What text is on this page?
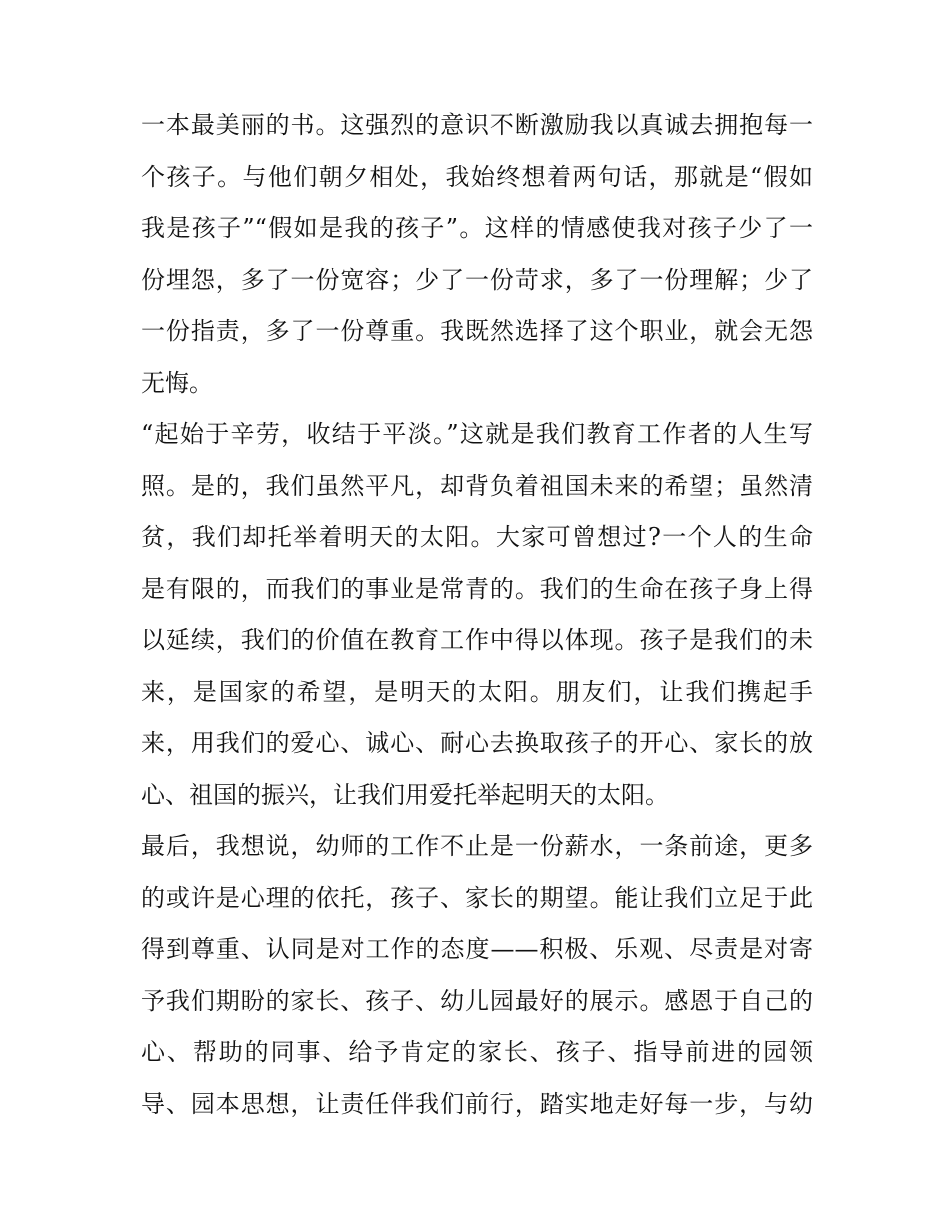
一本最美丽的书。这强烈的意识不断激励我以真诚去拥抱每一
个孩子。与他们朝夕相处，我始终想着两句话，那就是“假如
我是孩子”“假如是我的孩子”。这样的情感使我对孩子少了一
份埋怨，多了一份宽容；少了一份苛求，多了一份理解；少了
一份指责，多了一份尊重。我既然选择了这个职业，就会无怨
无悔。
“起始于辛劳，收结于平淡。”这就是我们教育工作者的人生写
照。是的，我们虽然平凡，却背负着祖国未来的希望；虽然清
贫，我们却托举着明天的太阳。大家可曾想过?一个人的生命
是有限的，而我们的事业是常青的。我们的生命在孩子身上得
以延续，我们的价值在教育工作中得以体现。孩子是我们的未
来，是国家的希望，是明天的太阳。朋友们，让我们携起手
来，用我们的爱心、诚心、耐心去换取孩子的开心、家长的放
心、祖国的振兴，让我们用爱托举起明天的太阳。
最后，我想说，幼师的工作不止是一份薪水，一条前途，更多
的或许是心理的依托，孩子、家长的期望。能让我们立足于此
得到尊重、认同是对工作的态度——积极、乐观、尽责是对寄
予我们期盼的家长、孩子、幼儿园最好的展示。感恩于自己的
心、帮助的同事、给予肯定的家长、孩子、指导前进的园领
导、园本思想，让责任伴我们前行，踏实地走好每一步，与幼
